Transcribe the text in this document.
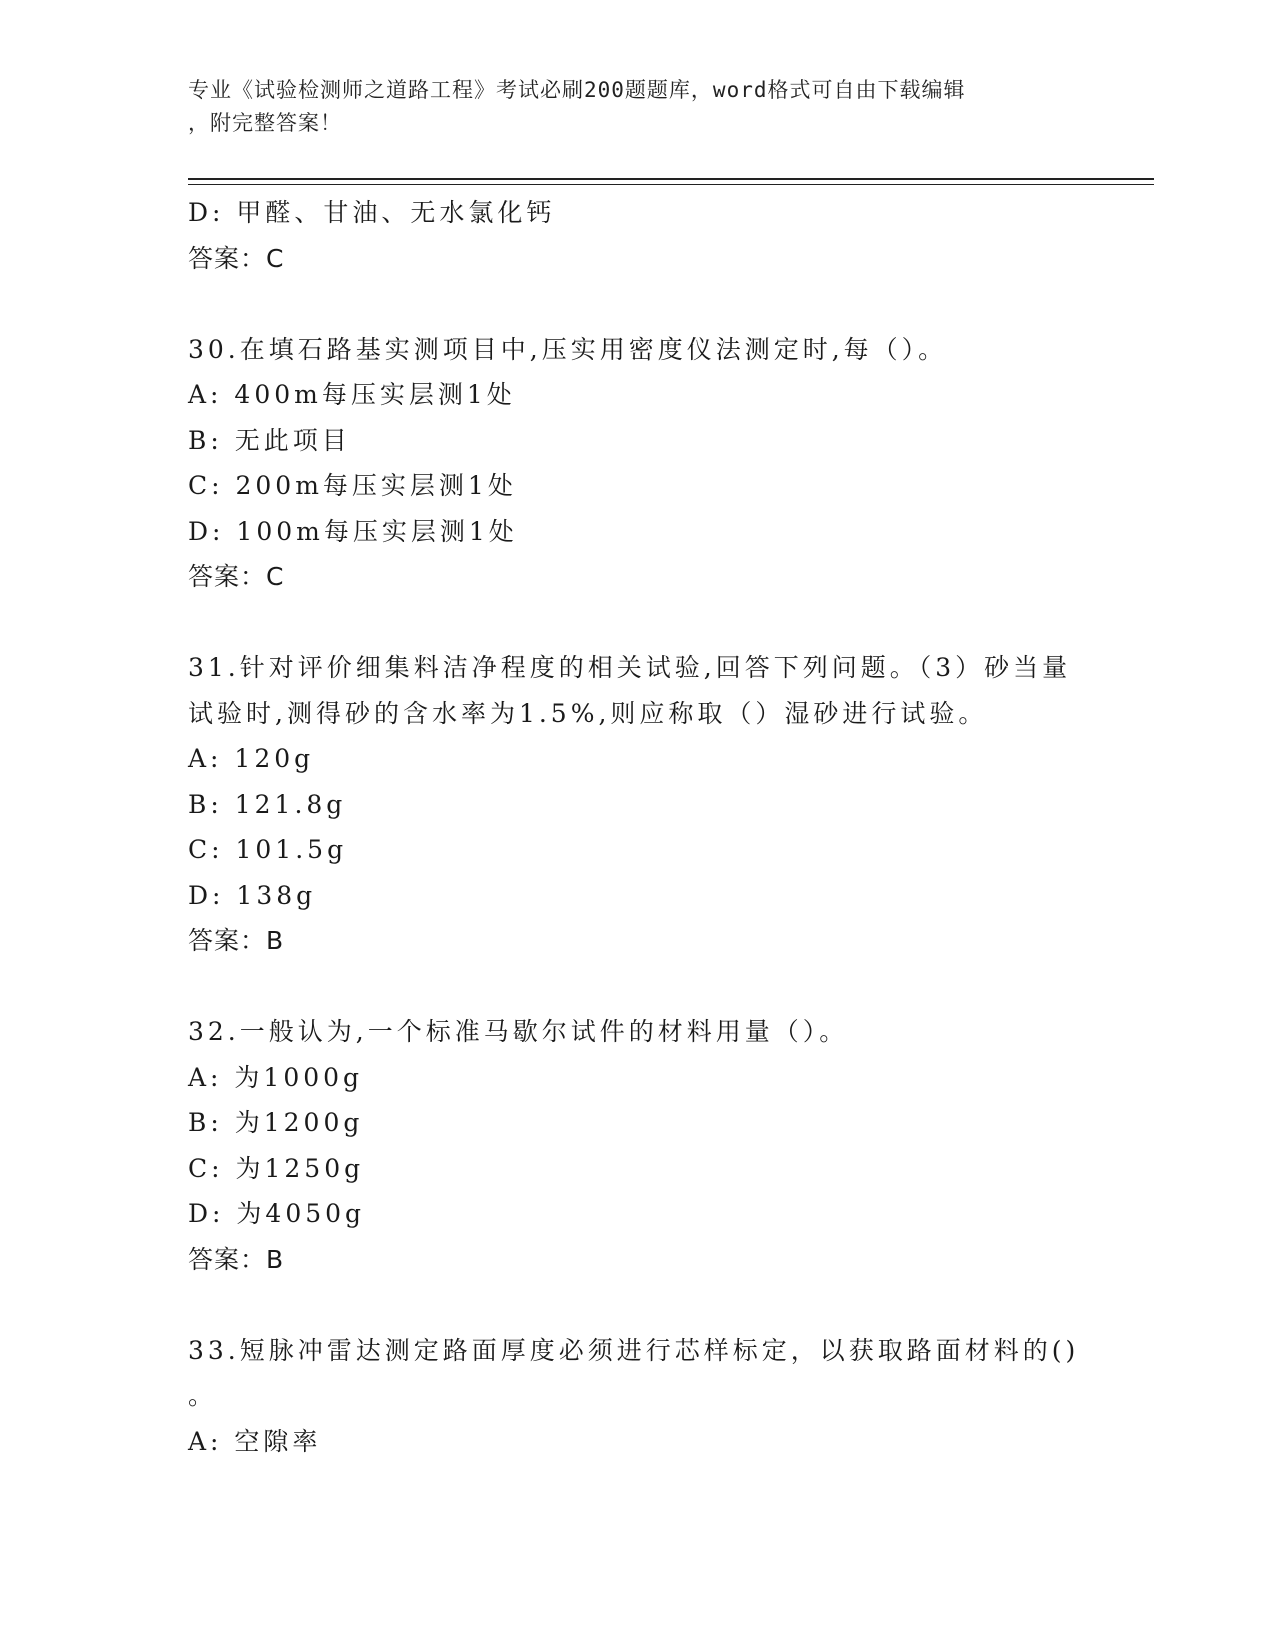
专业《试验检测师之道路工程》考试必刷200题题库，word格式可自由下载编辑
，附完整答案！
D: 甲醛、甘油、无水氯化钙
答案：C
30.在填石路基实测项目中,压实用密度仪法测定时,每（）。
A: 400m每压实层测1处
B: 无此项目
C: 200m每压实层测1处
D: 100m每压实层测1处
答案：C
31.针对评价细集料洁净程度的相关试验,回答下列问题。（3）砂当量
试验时,测得砂的含水率为1.5%,则应称取（）湿砂进行试验。
A: 120g
B: 121.8g
C: 101.5g
D: 138g
答案：B
32.一般认为,一个标准马歇尔试件的材料用量（）。
A: 为1000g
B: 为1200g
C: 为1250g
D: 为4050g
答案：B
33.短脉冲雷达测定路面厚度必须进行芯样标定，以获取路面材料的()
。
A: 空隙率
